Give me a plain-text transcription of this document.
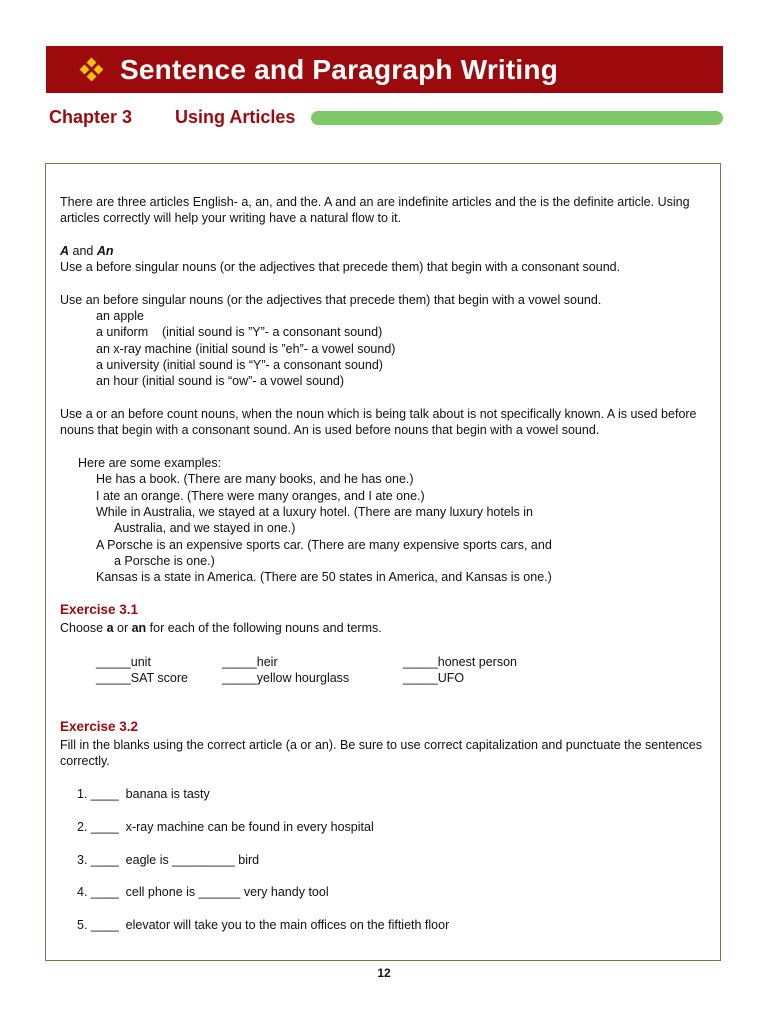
Sentence and Paragraph Writing
Chapter 3	Using Articles
There are three articles English- a, an, and the. A and an are indefinite articles and the is the definite article. Using articles correctly will help your writing have a natural flow to it.
A and An
Use a before singular nouns (or the adjectives that precede them) that begin with a consonant sound.
Use an before singular nouns (or the adjectives that precede them) that begin with a vowel sound.
an apple
a uniform    (initial sound is ”Y”- a consonant sound)
an x-ray machine (initial sound is ”eh”- a vowel sound)
a university (initial sound is “Y”- a consonant sound)
an hour (initial sound is “ow”- a vowel sound)
Use a or an before count nouns, when the noun which is being talk about is not specifically known. A is used before nouns that begin with a consonant sound. An is used before nouns that begin with a vowel sound.
Here are some examples:
He has a book. (There are many books, and he has one.)
I ate an orange. (There were many oranges, and I ate one.)
While in Australia, we stayed at a luxury hotel. (There are many luxury hotels in
Australia, and we stayed in one.)
A Porsche is an expensive sports car. (There are many expensive sports cars, and
a Porsche is one.)
Kansas is a state in America. (There are 50 states in America, and Kansas is one.)
Exercise 3.1
Choose a or an for each of the following nouns and terms.
_____unit	_____heir	_____honest person
_____SAT score	_____yellow hourglass	_____UFO
Exercise 3.2
Fill in the blanks using the correct article (a or an). Be sure to use correct capitalization and punctuate the sentences correctly.
1. ____  banana is tasty
2. ____  x-ray machine can be found in every hospital
3. ____  eagle is _________ bird
4. ____  cell phone is ______ very handy tool
5. ____  elevator will take you to the main offices on the fiftieth floor
12
